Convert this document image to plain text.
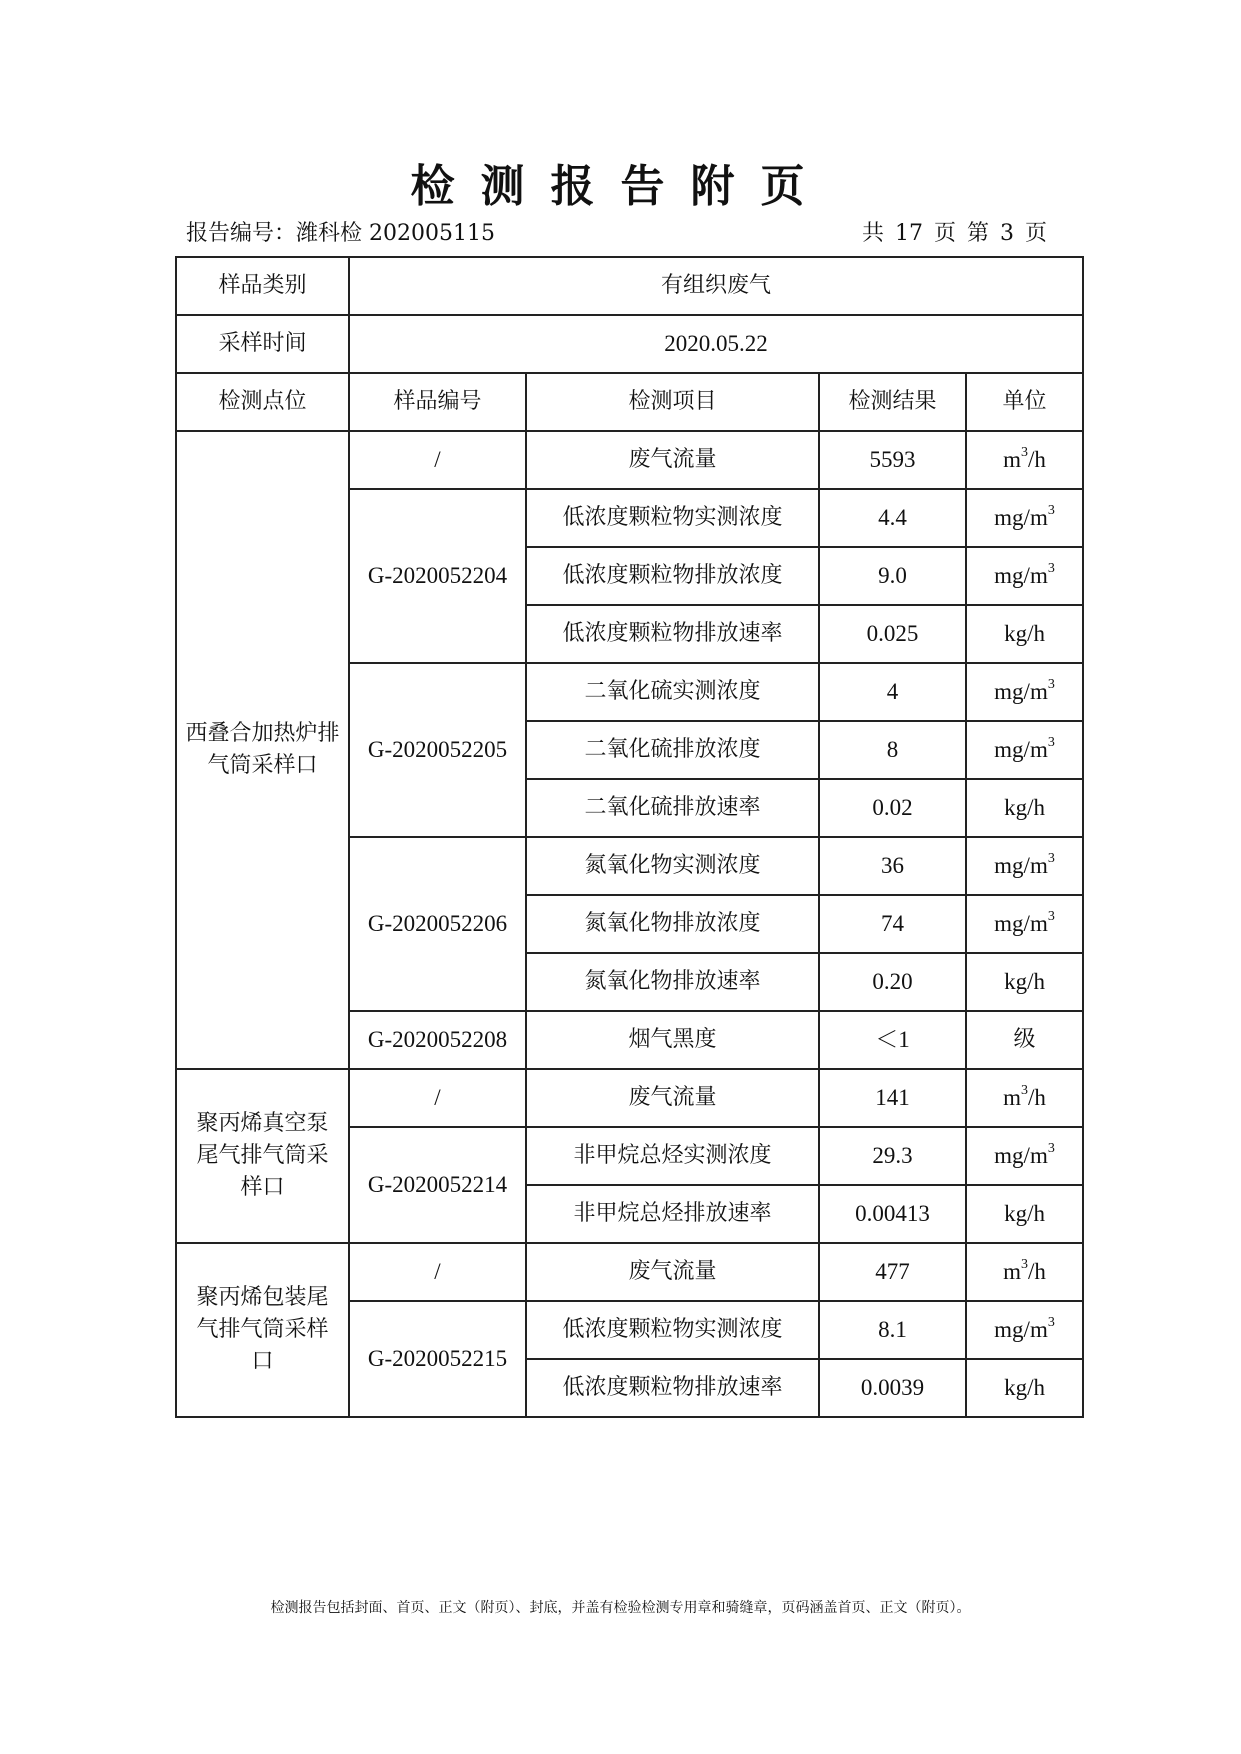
检测报告附页
报告编号：潍科检 202005115	共 17 页 第 3 页
样品类别	有组织废气			
采样时间	2020.05.22			
检测点位	样品编号	检测项目	检测结果	单位
西叠合加热炉排气筒采样口	/	废气流量	5593	$m^3/h$
	G-2020052204	低浓度颗粒物实测浓度	4.4	$mg/m^3$
		低浓度颗粒物排放浓度	9.0	$mg/m^3$
		低浓度颗粒物排放速率	0.025	kg/h
	G-2020052205	二氧化硫实测浓度	4	$mg/m^3$
		二氧化硫排放浓度	8	$mg/m^3$
		二氧化硫排放速率	0.02	kg/h
	G-2020052206	氮氧化物实测浓度	36	$mg/m^3$
		氮氧化物排放浓度	74	$mg/m^3$
		氮氧化物排放速率	0.20	kg/h
	G-2020052208	烟气黑度	＜1	级
聚丙烯真空泵尾气排气筒采样口	/	废气流量	141	$m^3/h$
	G-2020052214	非甲烷总烃实测浓度	29.3	$mg/m^3$
		非甲烷总烃排放速率	0.00413	kg/h
聚丙烯包装尾气排气筒采样口	/	废气流量	477	$m^3/h$
	G-2020052215	低浓度颗粒物实测浓度	8.1	$mg/m^3$
		低浓度颗粒物排放速率	0.0039	kg/h
检测报告包括封面、首页、正文（附页）、封底，并盖有检验检测专用章和骑缝章，页码涵盖首页、正文（附页）。
